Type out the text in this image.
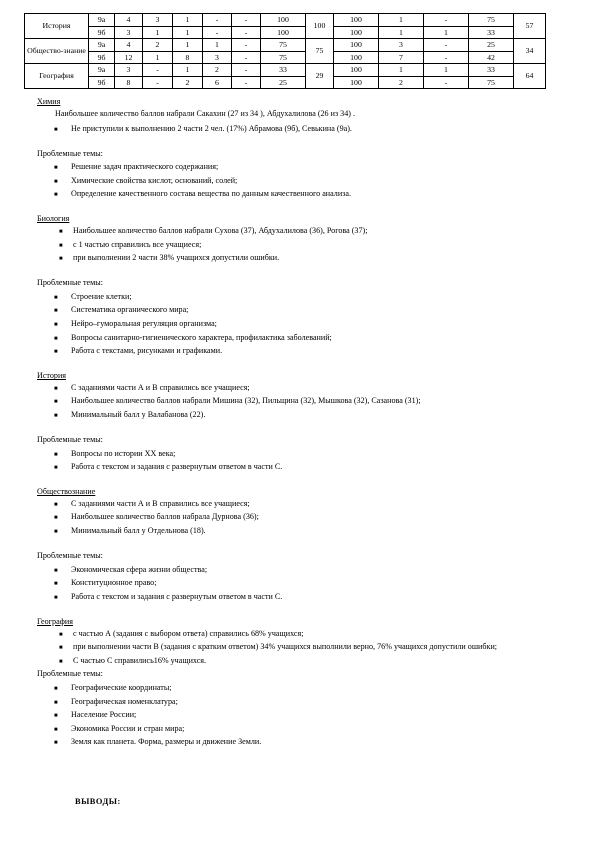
История	9а	4	3	1	-	-	100	100	100	1	-	75	57
	9б	3	1	1	-	-	100		100	1	1	33	
Общество-знание	9а	4	2	1	1	-	75	75	100	3	-	25	34
	9б	12	1	8	3	-	75		100	7	-	42	
География	9а	3	-	1	2	-	33	29	100	1	1	33	64
	9б	8	-	2	6	-	25		100	2	-	75	

Химия

Наибольшее количество баллов набрали Сакахин (27 из 34 ), Абдухалилова (26 из 34) .

■ Не приступили к выполнению 2 части 2 чел. (17%) Абрамова (9б), Севькина (9а).

Проблемные темы:

■ Решение задач практического содержания;
■ Химические свойства кислот, оснований, солей;
■ Определение качественного состава вещества по данным качественного анализа.

Биология

■ Наибольшее количество баллов набрали Сухова (37), Абдухалилова (36), Рогова (37);
■ с 1 частью справились все учащиеся;
■ при выполнении 2 части 38% учащихся допустили ошибки.

Проблемные темы:

■ Строение клетки;
■ Систематика органического мира;
■ Нейро–гуморальная регуляция организма;
■ Вопросы санитарно-гигиенического характера, профилактика заболеваний;
■ Работа с текстами, рисунками и графиками.

История

■ С заданиями части А и В справились все учащиеся;
■ Наибольшее количество баллов набрали Мишина (32), Пильщина (32), Мышкова (32), Сазанова (31);
■ Минимальный балл у Валабанова (22).

Проблемные темы:

■ Вопросы по истории XX века;
■ Работа с текстом и задания с развернутым ответом в части С.

Обществознание

■ С заданиями части А и В справились все учащиеся;
■ Наибольшее количество баллов набрала Дурнова (36);
■ Минимальный балл у Отдельнова (18).

Проблемные темы:

■ Экономическая сфера жизни общества;
■ Конституционное право;
■ Работа с текстом и задания с развернутым ответом в части С.

География

■ с частью А (задания с выбором ответа) справились 68% учащихся;
■ при выполнении части В (задания с кратким ответом) 34% учащихся выполнили верно, 76% учащихся допустили ошибки;
■ С частью С справились16% учащихся.

Проблемные темы:

■ Географические координаты;
■ Географическая номенклатура;
■ Население России;
■ Экономика России и стран мира;
■ Земля как планета. Форма, размеры и движение Земли.
ВЫВОДЫ:
